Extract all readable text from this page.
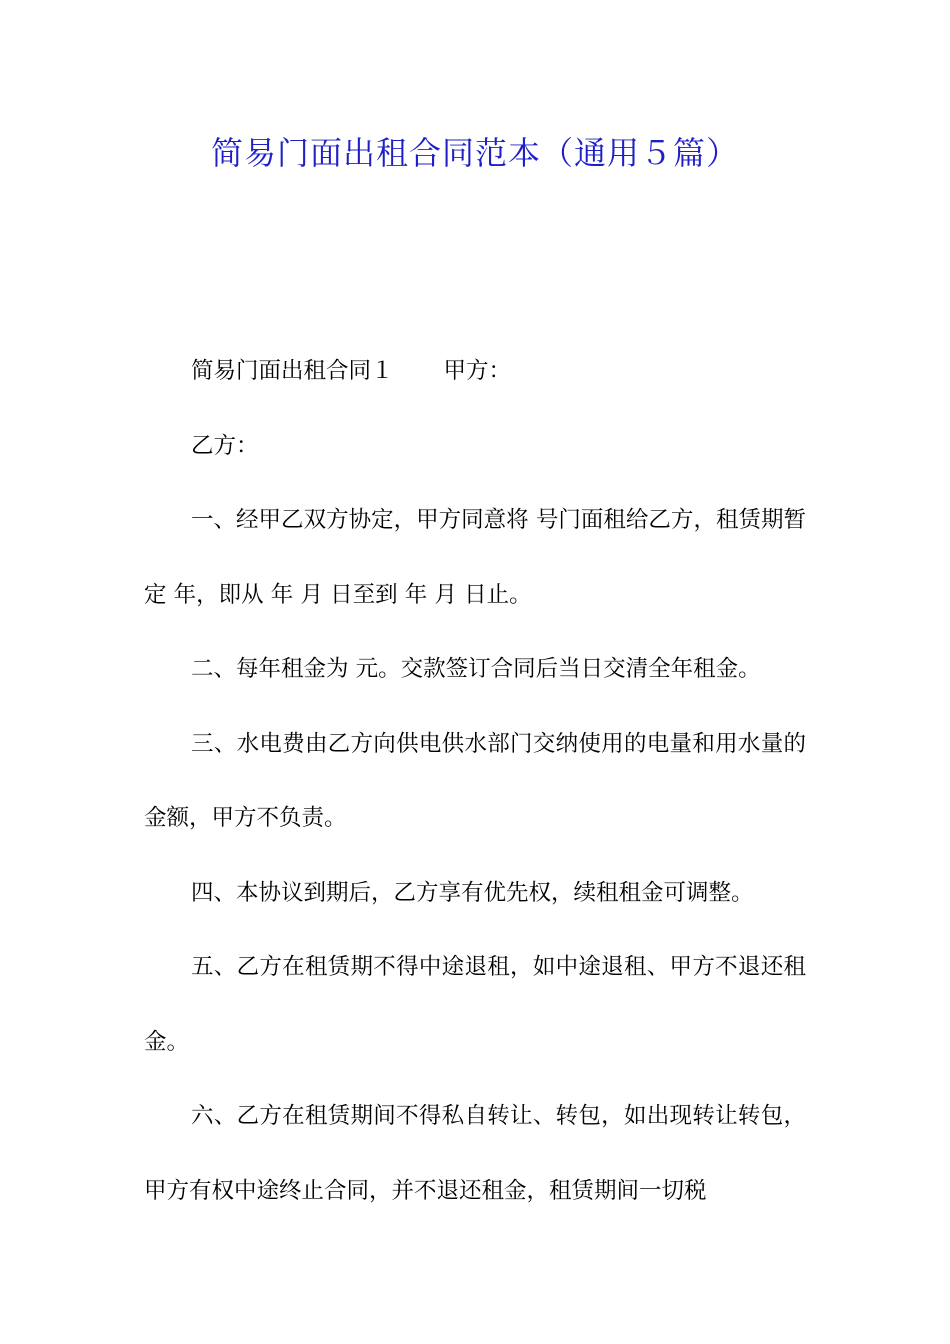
简易门面出租合同范本（通用５篇）

简易门面出租合同１ 甲方：

乙方：

一、经甲乙双方协定，甲方同意将 号门面租给乙方，租赁期暂定 年，即从 年 月 日至到 年 月 日止。

二、每年租金为 元。交款签订合同后当日交清全年租金。

三、水电费由乙方向供电供水部门交纳使用的电量和用水量的金额，甲方不负责。

四、本协议到期后，乙方享有优先权，续租租金可调整。

五、乙方在租赁期不得中途退租，如中途退租、甲方不退还租金。

六、乙方在租赁期间不得私自转让、转包，如出现转让转包，甲方有权中途终止合同，并不退还租金，租赁期间一切税
